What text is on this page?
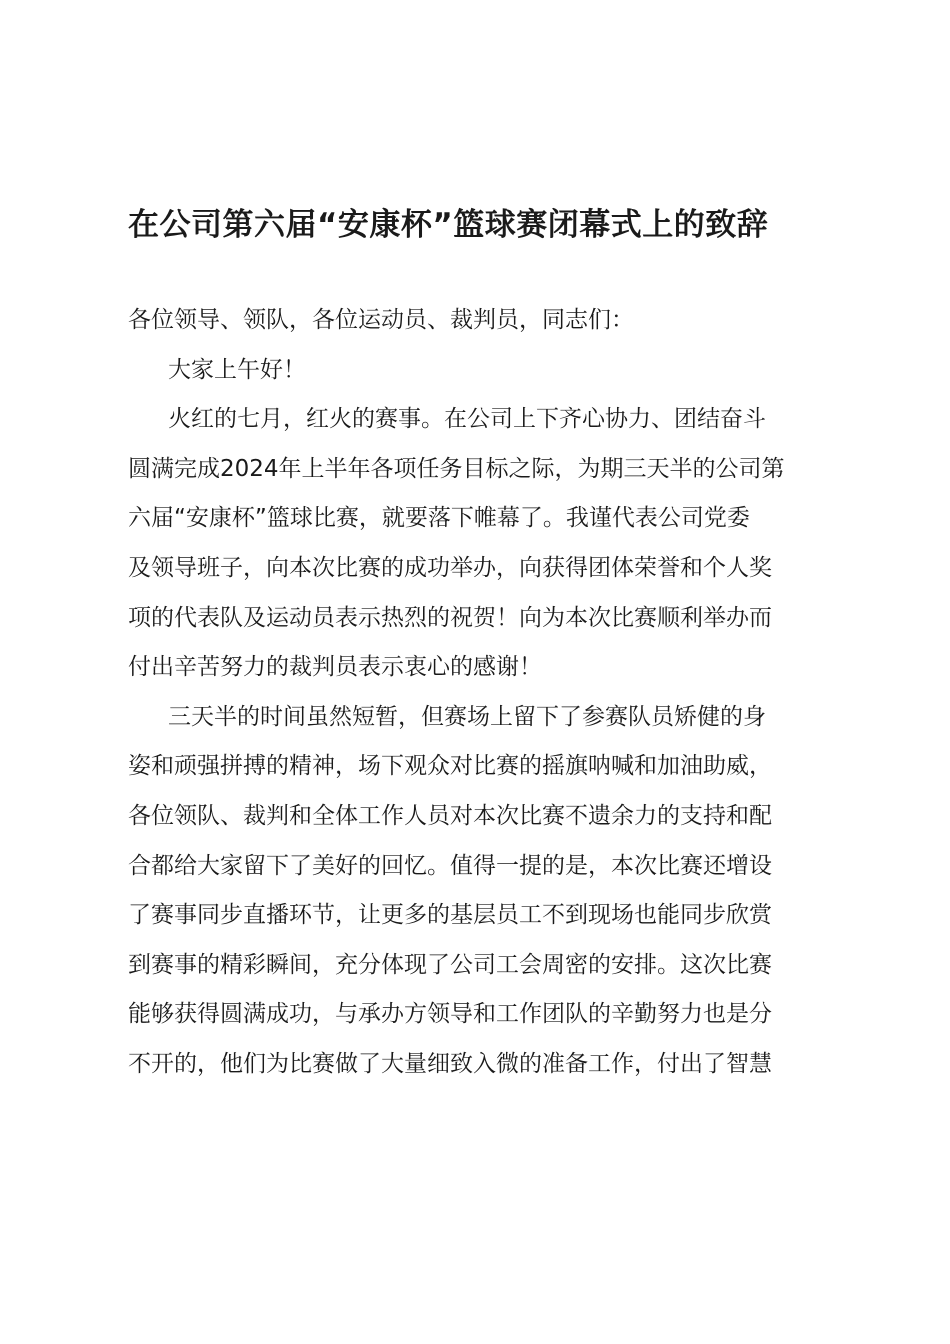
在公司第六届“安康杯”篮球赛闭幕式上的致辞

各位领导、领队，各位运动员、裁判员，同志们：

大家上午好！

火红的七月，红火的赛事。在公司上下齐心协力、团结奋斗

圆满完成2024年上半年各项任务目标之际，为期三天半的公司第

六届“安康杯”篮球比赛，就要落下帷幕了。我谨代表公司党委

及领导班子，向本次比赛的成功举办，向获得团体荣誉和个人奖

项的代表队及运动员表示热烈的祝贺！向为本次比赛顺利举办而

付出辛苦努力的裁判员表示衷心的感谢！

三天半的时间虽然短暂，但赛场上留下了参赛队员矫健的身

姿和顽强拼搏的精神，场下观众对比赛的摇旗呐喊和加油助威，

各位领队、裁判和全体工作人员对本次比赛不遗余力的支持和配

合都给大家留下了美好的回忆。值得一提的是，本次比赛还增设

了赛事同步直播环节，让更多的基层员工不到现场也能同步欣赏

到赛事的精彩瞬间，充分体现了公司工会周密的安排。这次比赛

能够获得圆满成功，与承办方领导和工作团队的辛勤努力也是分

不开的，他们为比赛做了大量细致入微的准备工作，付出了智慧
